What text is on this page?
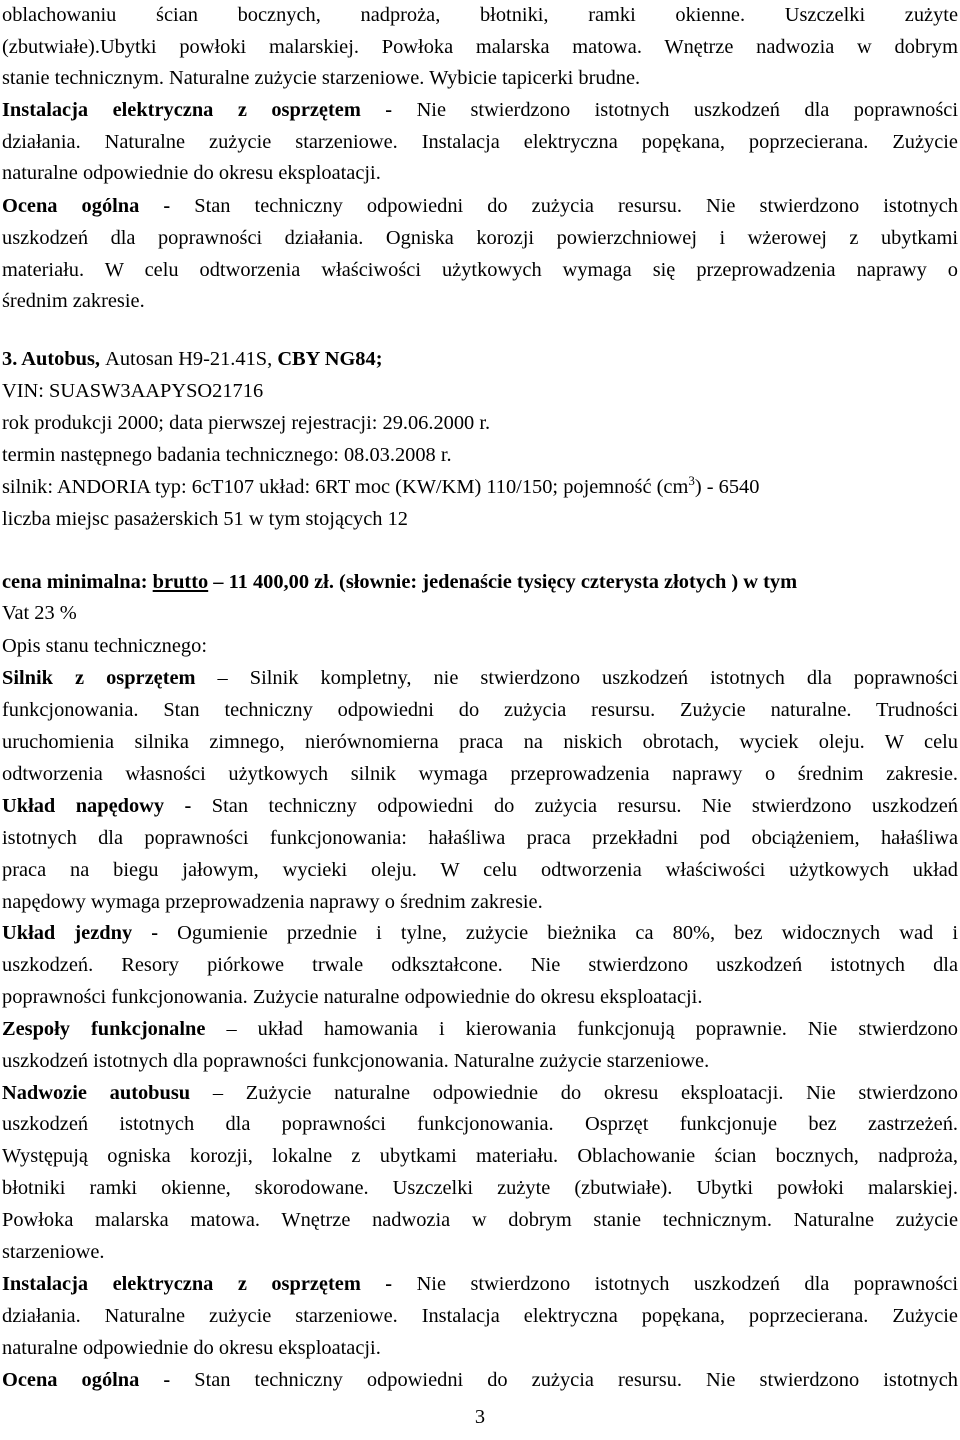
oblachowaniu ścian bocznych, nadproża, błotniki, ramki okienne. Uszczelki zużyte
(zbutwiałe).Ubytki powłoki malarskiej. Powłoka malarska matowa. Wnętrze nadwozia w dobrym
stanie technicznym. Naturalne zużycie starzeniowe. Wybicie tapicerki brudne.
Instalacja elektryczna z osprzętem - Nie stwierdzono istotnych uszkodzeń dla poprawności
działania. Naturalne zużycie starzeniowe. Instalacja elektryczna popękana, poprzecierana. Zużycie
naturalne odpowiednie do okresu eksploatacji.
Ocena ogólna - Stan techniczny odpowiedni do zużycia resursu. Nie stwierdzono istotnych
uszkodzeń dla poprawności działania. Ogniska korozji powierzchniowej i wżerowej z ubytkami
materiału. W celu odtworzenia właściwości użytkowych wymaga się przeprowadzenia naprawy o
średnim zakresie.
3. Autobus, Autosan H9-21.41S, CBY NG84;
VIN: SUASW3AAPYSO21716
rok produkcji 2000; data pierwszej rejestracji: 29.06.2000 r.
termin następnego badania technicznego: 08.03.2008 r.
silnik: ANDORIA typ: 6cT107 układ: 6RT moc (KW/KM) 110/150; pojemność $(cm^3) - 6540$
liczba miejsc pasażerskich 51 w tym stojących 12
cena minimalna: brutto – 11 400,00 zł. (słownie: jedenaście tysięcy czterysta złotych ) w tym
Vat 23 %
Opis stanu technicznego:
Silnik z osprzętem – Silnik kompletny, nie stwierdzono uszkodzeń istotnych dla poprawności
funkcjonowania. Stan techniczny odpowiedni do zużycia resursu. Zużycie naturalne. Trudności
uruchomienia silnika zimnego, nierównomierna praca na niskich obrotach, wyciek oleju. W celu
odtworzenia własności użytkowych silnik wymaga przeprowadzenia naprawy o średnim zakresie.
Układ napędowy - Stan techniczny odpowiedni do zużycia resursu. Nie stwierdzono uszkodzeń
istotnych dla poprawności funkcjonowania: hałaśliwa praca przekładni pod obciążeniem, hałaśliwa
praca na biegu jałowym, wycieki oleju. W celu odtworzenia właściwości użytkowych układ
napędowy wymaga przeprowadzenia naprawy o średnim zakresie.
Układ jezdny - Ogumienie przednie i tylne, zużycie bieżnika ca 80%, bez widocznych wad i
uszkodzeń. Resory piórkowe trwale odkształcone. Nie stwierdzono uszkodzeń istotnych dla
poprawności funkcjonowania. Zużycie naturalne odpowiednie do okresu eksploatacji.
Zespoły funkcjonalne – układ hamowania i kierowania funkcjonują poprawnie. Nie stwierdzono
uszkodzeń istotnych dla poprawności funkcjonowania. Naturalne zużycie starzeniowe.
Nadwozie autobusu – Zużycie naturalne odpowiednie do okresu eksploatacji. Nie stwierdzono
uszkodzeń istotnych dla poprawności funkcjonowania. Osprzęt funkcjonuje bez zastrzeżeń.
Występują ogniska korozji, lokalne z ubytkami materiału. Oblachowanie ścian bocznych, nadproża,
błotniki ramki okienne, skorodowane. Uszczelki zużyte (zbutwiałe). Ubytki powłoki malarskiej.
Powłoka malarska matowa. Wnętrze nadwozia w dobrym stanie technicznym. Naturalne zużycie
starzeniowe.
Instalacja elektryczna z osprzętem - Nie stwierdzono istotnych uszkodzeń dla poprawności
działania. Naturalne zużycie starzeniowe. Instalacja elektryczna popękana, poprzecierana. Zużycie
naturalne odpowiednie do okresu eksploatacji.
Ocena ogólna - Stan techniczny odpowiedni do zużycia resursu. Nie stwierdzono istotnych
3
